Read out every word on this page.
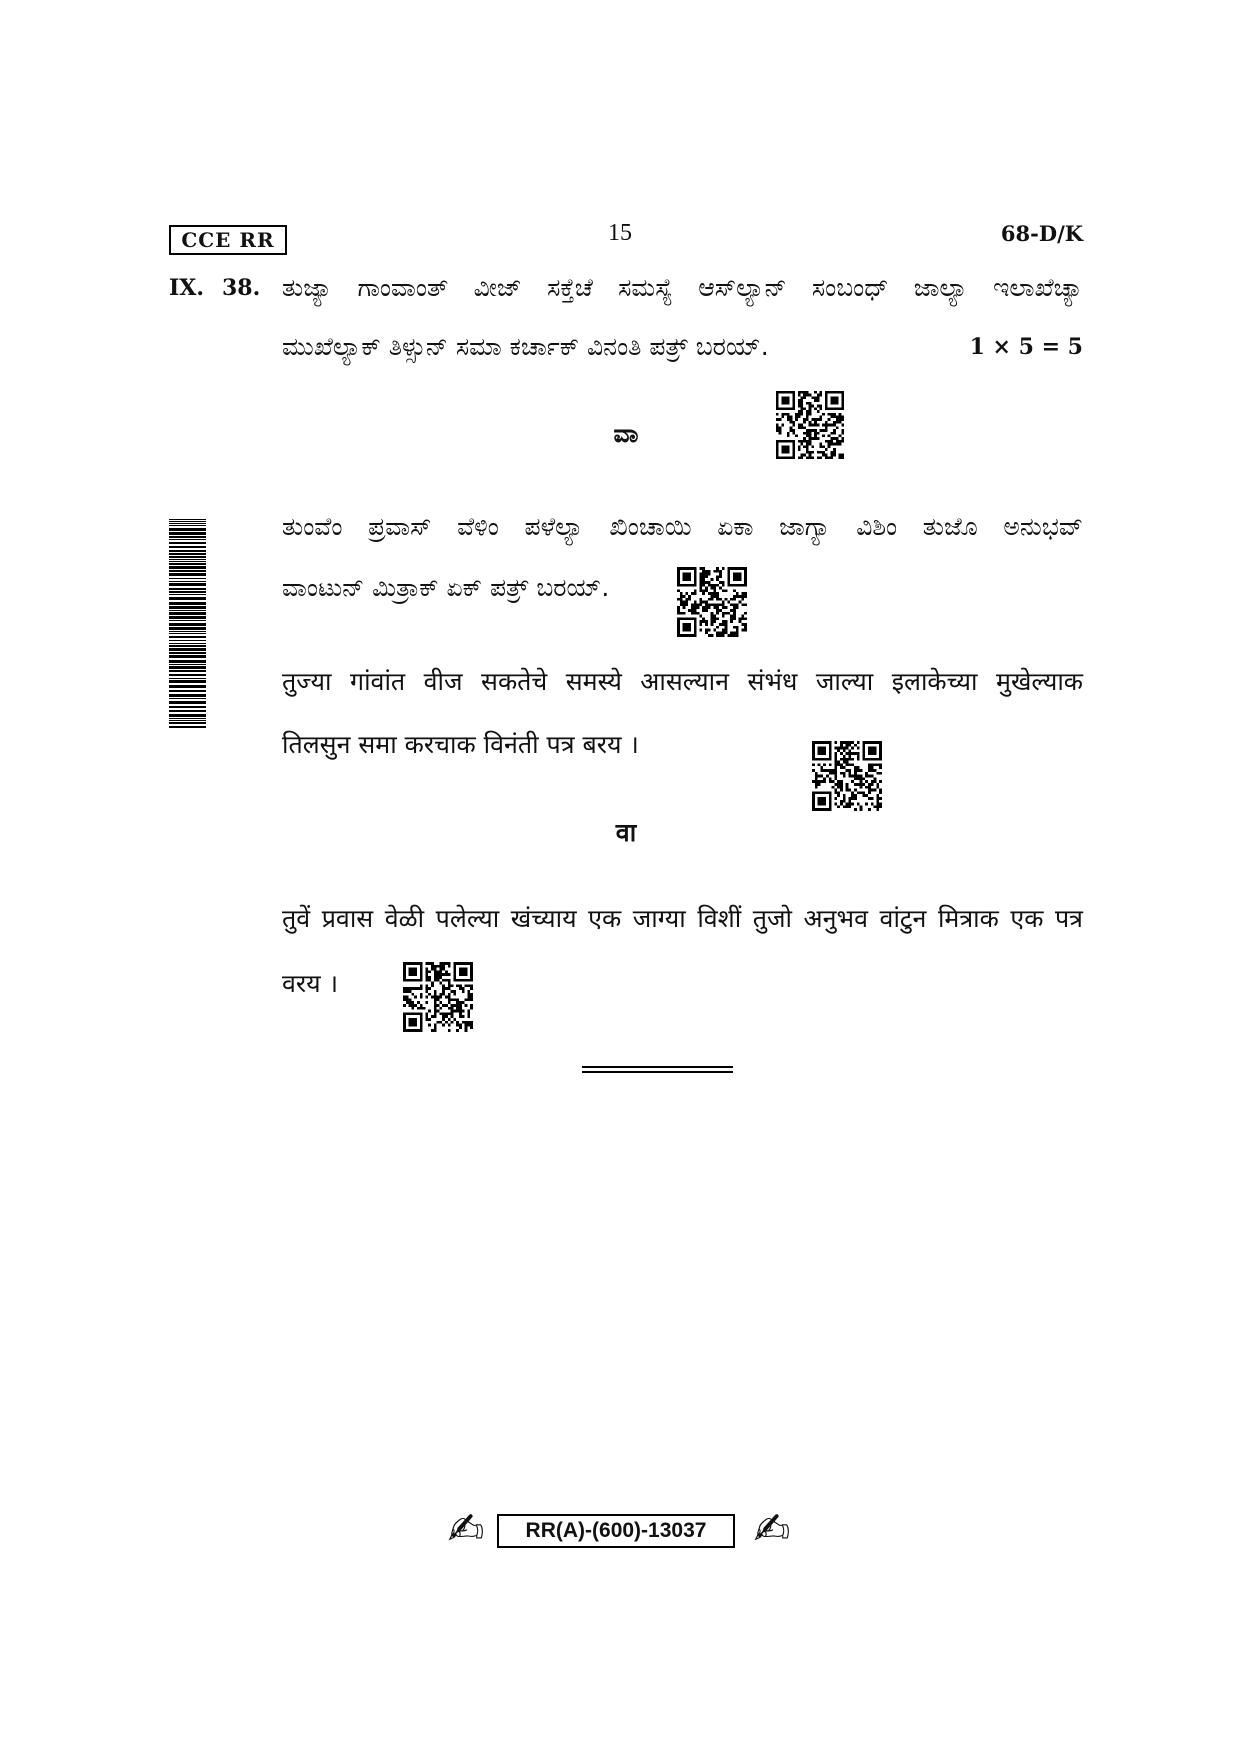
CCE RR	15	68-D/K
IX. 38. ತುಜ್ಯಾ ಗಾಂವಾಂತ್ ವೀಜ್ ಸಕ್ತೆಚೆ ಸಮಸ್ಯೆ ಆಸ್‌ಲ್ಯಾನ್ ಸಂಬಂಧ್ ಜಾಲ್ಯಾ ಇಲಾಖೆಚ್ಯಾ
ಮುಖೆಲ್ಯಾಕ್ ತಿಳ್ಸುನ್ ಸಮಾ ಕರ್ಚಾಕ್ ವಿನಂತಿ ಪತ್ರ್ ಬರಯ್.	1 × 5 = 5
ವಾ
ತುಂವೆಂ ಪ್ರವಾಸ್ ವೆಳಿಂ ಪಳೆಲ್ಯಾ ಖಿಂಚಾಯಿ ಏಕಾ ಜಾಗ್ಯಾ ವಿಶಿಂ ತುಜೊ ಅನುಭವ್
ವಾಂಟುನ್ ಮಿತ್ರಾಕ್ ಏಕ್ ಪತ್ರ್ ಬರಯ್.
तुज्या गांवांत वीज सकतेचे समस्ये आसल्यान संभंध जाल्या इलाकेच्या मुखेल्याक
तिलसुन समा करचाक विनंती पत्र बरय ।
वा
तुवें प्रवास वेळी पलेल्या खंच्याय एक जाग्या विशीं तुजो अनुभव वांटुन मित्राक एक पत्र
वरय ।
✍
RR(A)-(600)-13037
✍
